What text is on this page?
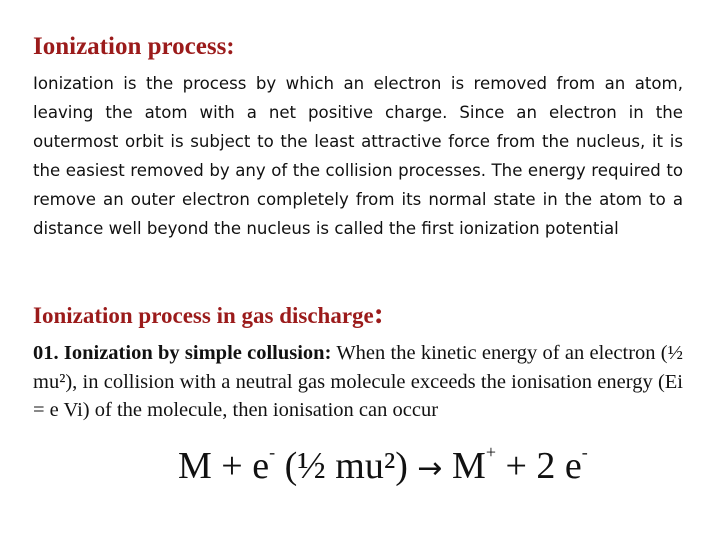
Ionization process:
Ionization is the process by which an electron is removed from an atom, leaving the atom with a net positive charge. Since an electron in the outermost orbit is subject to the least attractive force from the nucleus, it is the easiest removed by any of the collision processes. The energy required to remove an outer electron completely from its normal state in the atom to a distance well beyond the nucleus is called the first ionization potential
Ionization process in gas discharge:
01. Ionization by simple collusion: When the kinetic energy of an electron (½ mu²), in collision with a neutral gas molecule exceeds the ionisation energy (Ei = e Vi) of the molecule, then ionisation can occur
M + e- (½ mu²) → M+ + 2 e-
